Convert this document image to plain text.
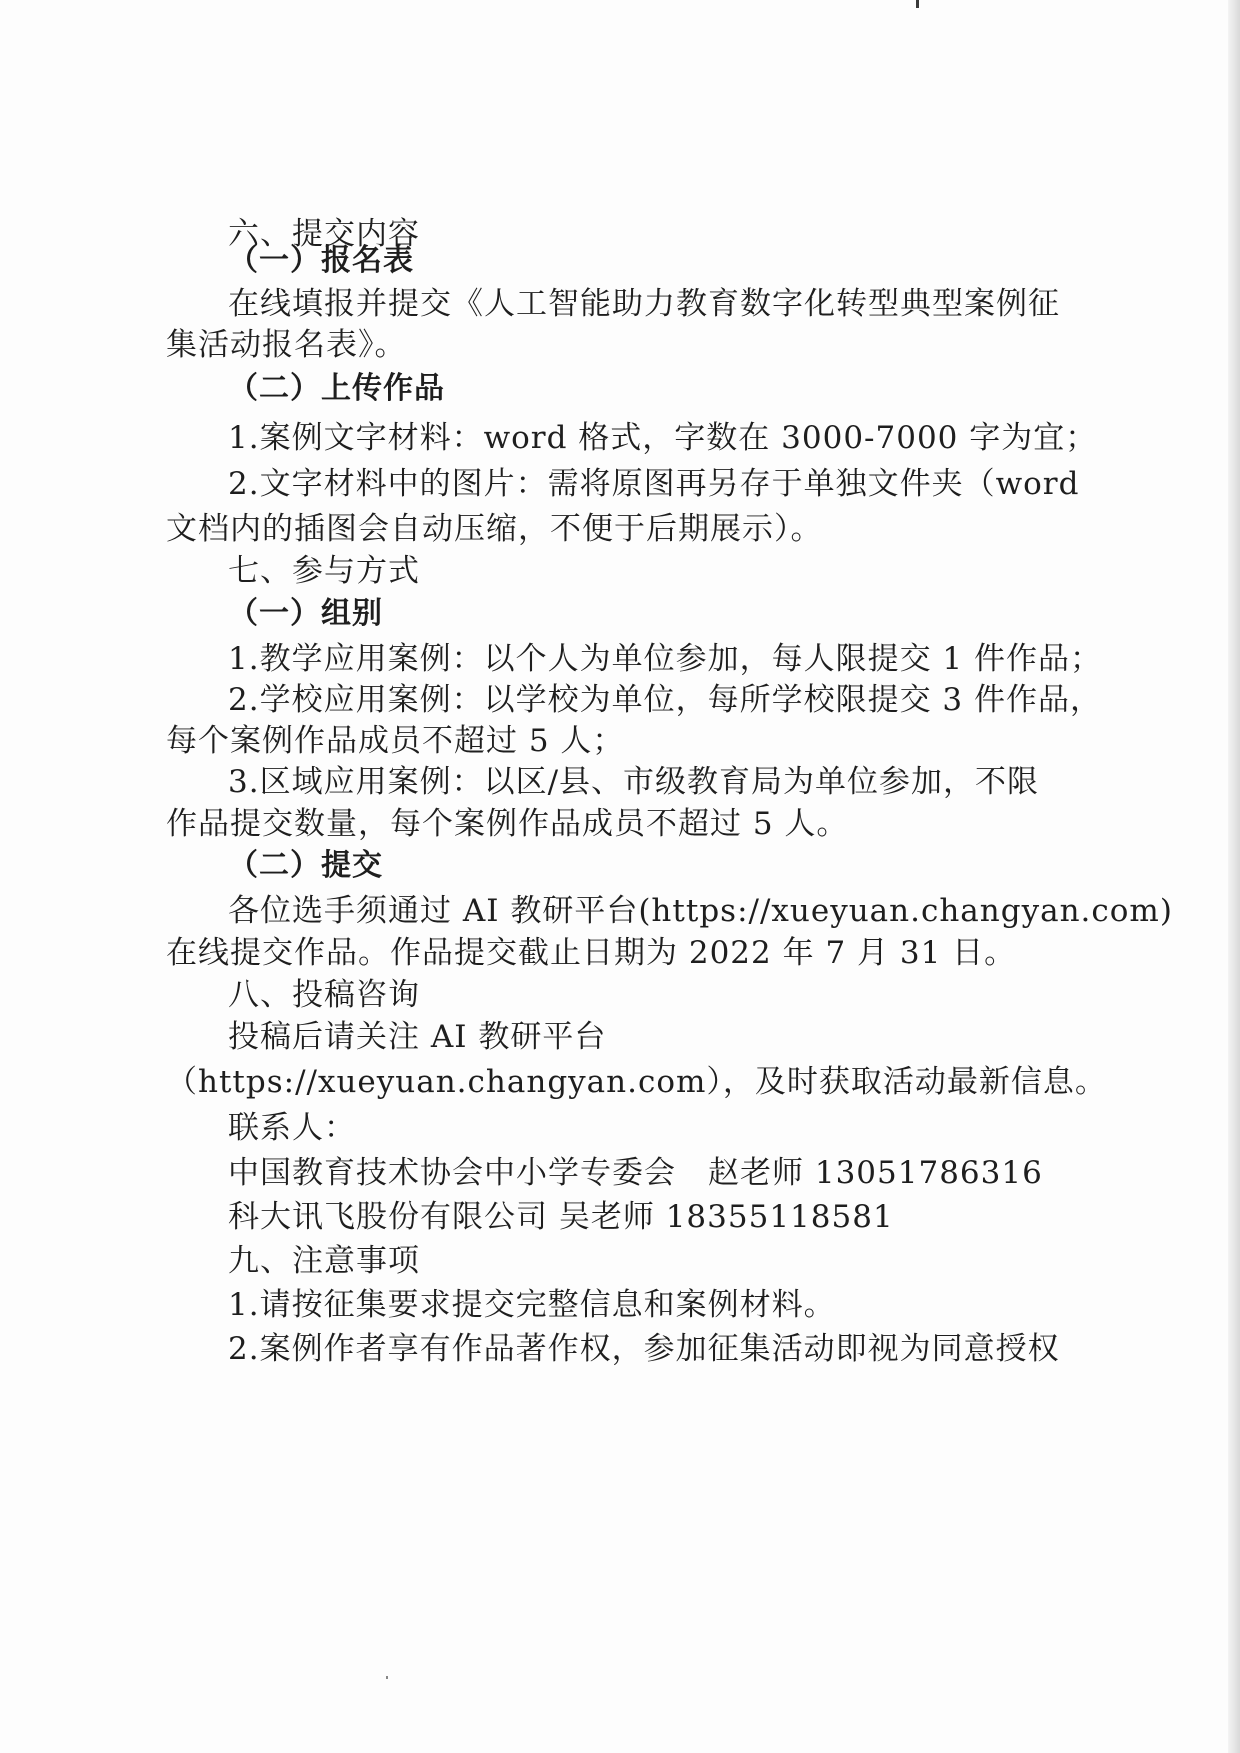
六、提交内容
（一）报名表
在线填报并提交《人工智能助力教育数字化转型典型案例征
集活动报名表》。
（二）上传作品
1.案例文字材料：word 格式，字数在 3000-7000 字为宜；
2.文字材料中的图片：需将原图再另存于单独文件夹（word
文档内的插图会自动压缩，不便于后期展示）。
七、参与方式
（一）组别
1.教学应用案例：以个人为单位参加，每人限提交 1 件作品；
2.学校应用案例：以学校为单位，每所学校限提交 3 件作品，
每个案例作品成员不超过 5 人；
3.区域应用案例：以区/县、市级教育局为单位参加，不限
作品提交数量，每个案例作品成员不超过 5 人。
（二）提交
各位选手须通过 AI 教研平台(https://xueyuan.changyan.com)
在线提交作品。作品提交截止日期为 2022 年 7 月 31 日。
八、投稿咨询
投稿后请关注 AI 教研平台
（https://xueyuan.changyan.com），及时获取活动最新信息。
联系人：
中国教育技术协会中小学专委会　赵老师 13051786316
科大讯飞股份有限公司 吴老师 18355118581
九、注意事项
1.请按征集要求提交完整信息和案例材料。
2.案例作者享有作品著作权，参加征集活动即视为同意授权
